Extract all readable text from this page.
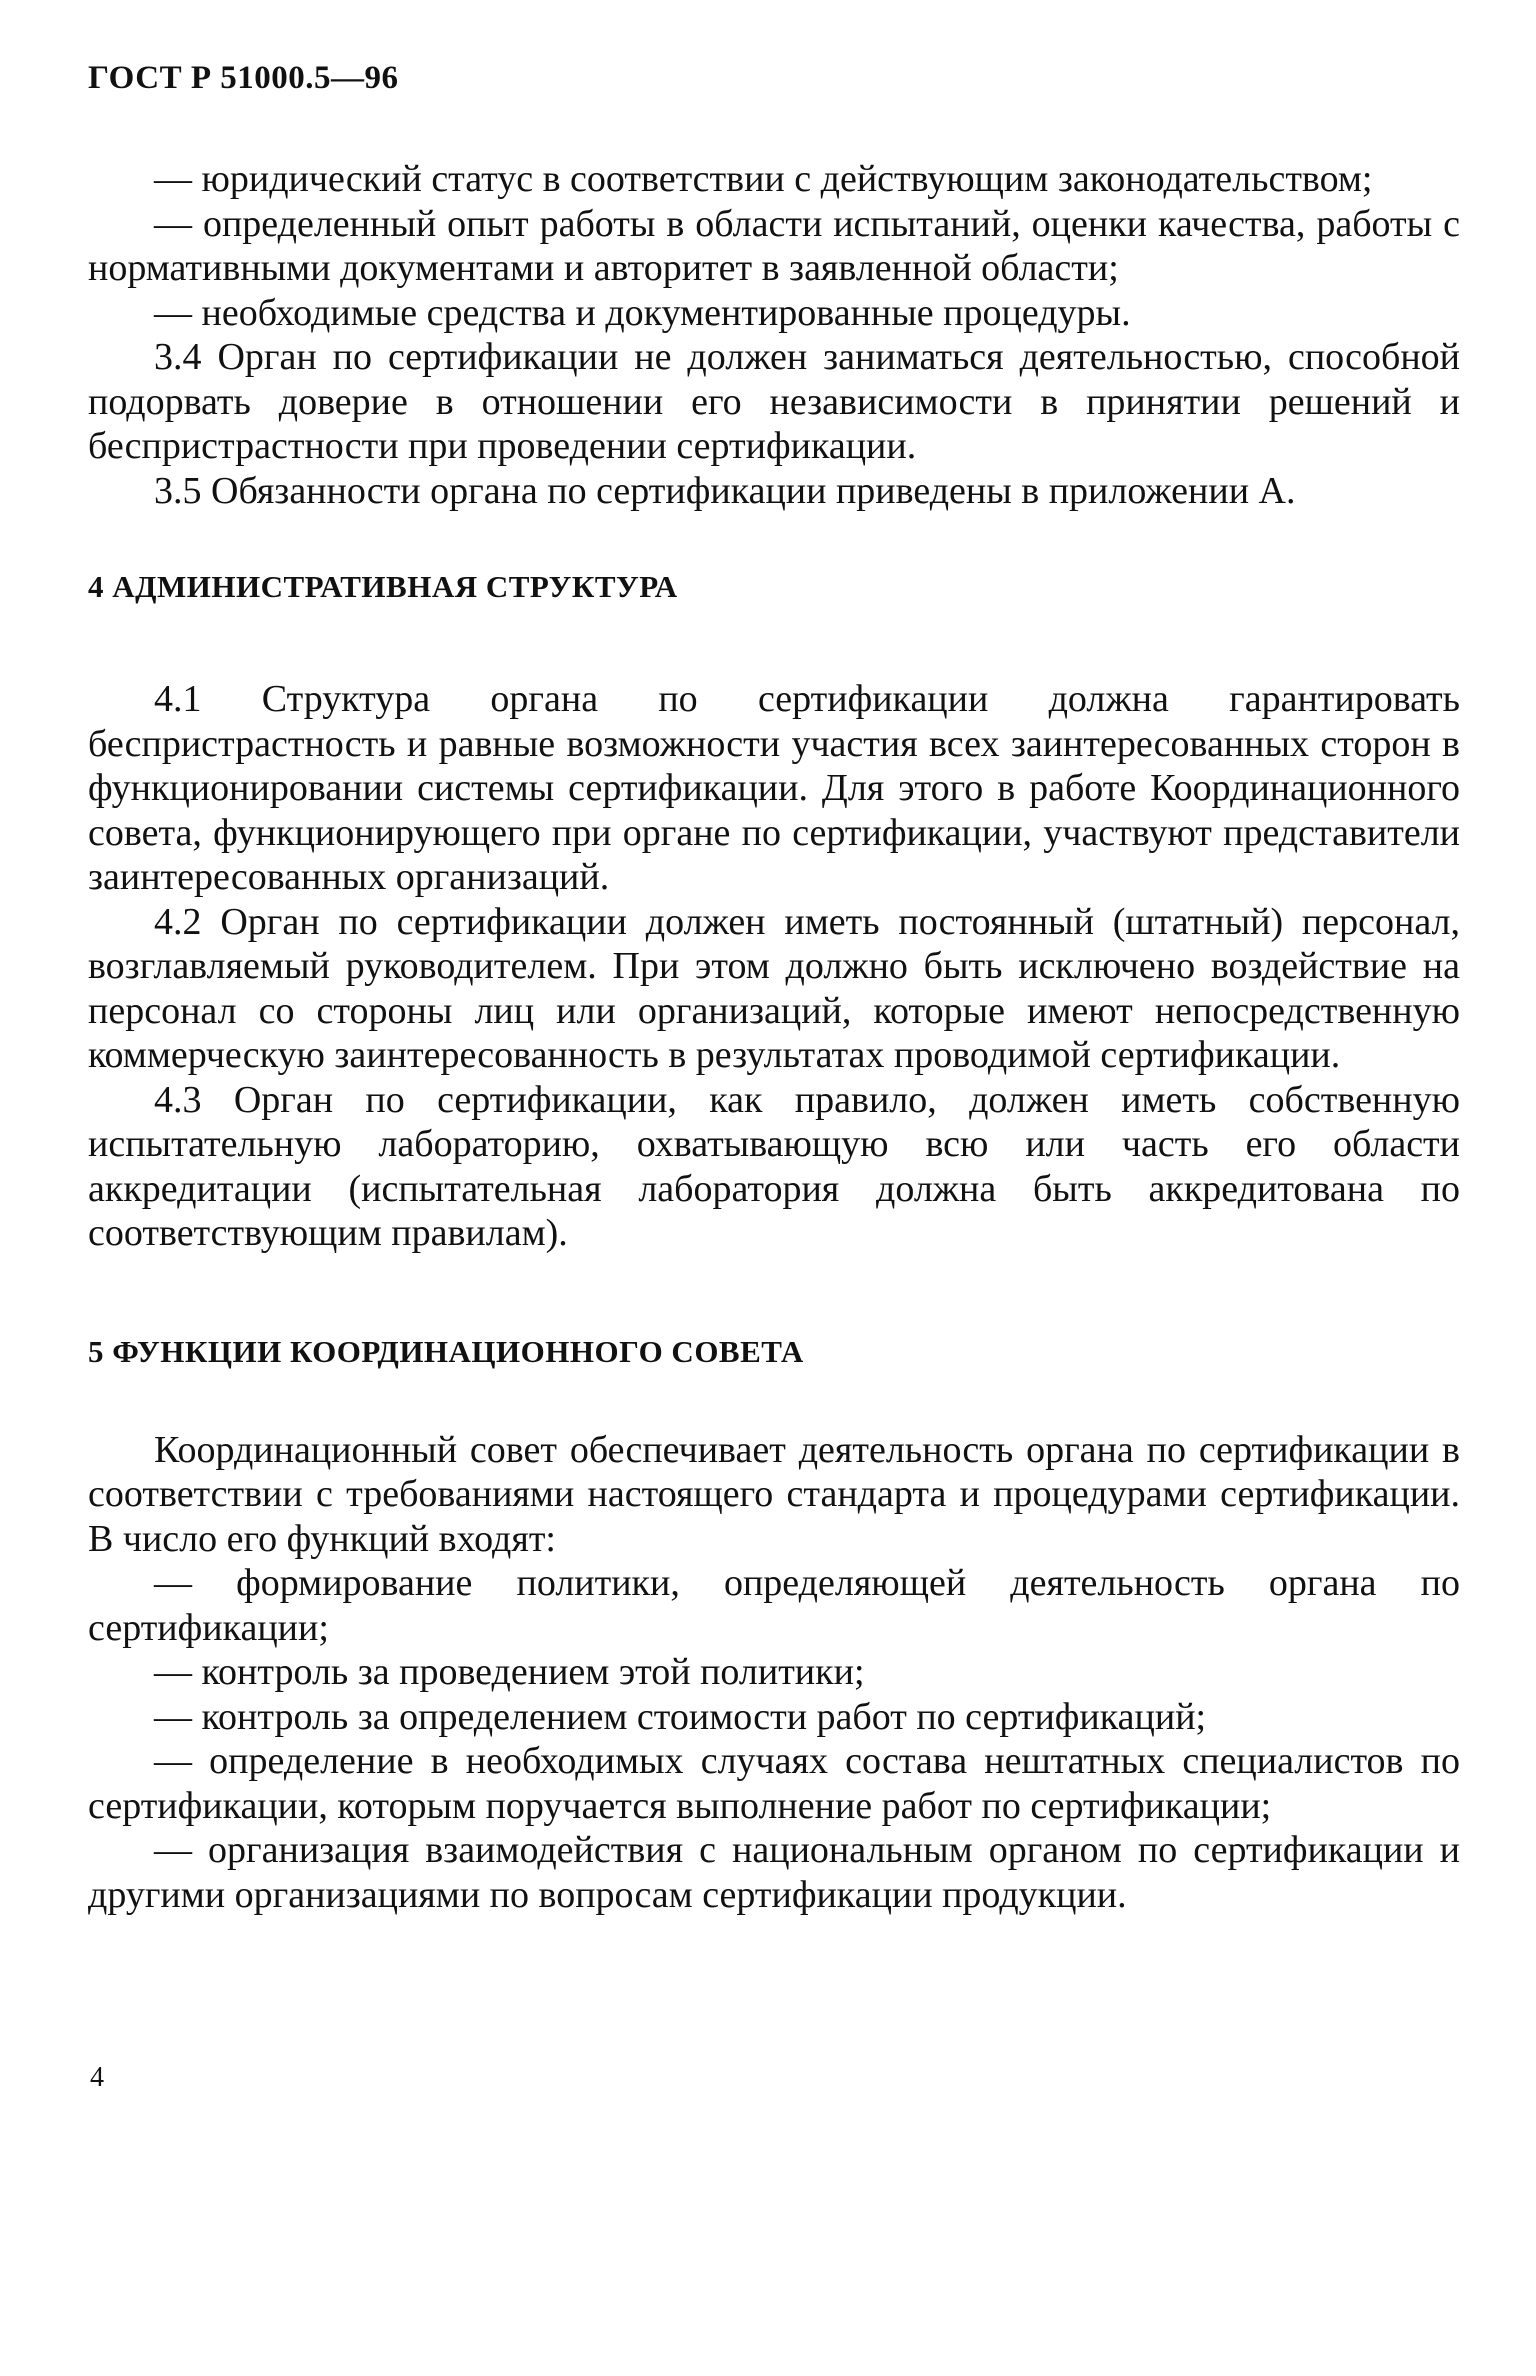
ГОСТ Р 51000.5—96

— юридический статус в соответствии с действующим законодательством;

— определенный опыт работы в области испытаний, оценки качества, работы с нормативными документами и авторитет в заявленной области;

— необходимые средства и документированные процедуры.

3.4 Орган по сертификации не должен заниматься деятельностью, способной подорвать доверие в отношении его независимости в принятии решений и беспристрастности при проведении сертификации.

3.5 Обязанности органа по сертификации приведены в приложении А.

4 АДМИНИСТРАТИВНАЯ СТРУКТУРА

4.1 Структура органа по сертификации должна гарантировать беспристрастность и равные возможности участия всех заинтересованных сторон в функционировании системы сертификации. Для этого в работе Координационного совета, функционирующего при органе по сертификации, участвуют представители заинтересованных организаций.

4.2 Орган по сертификации должен иметь постоянный (штатный) персонал, возглавляемый руководителем. При этом должно быть исключено воздействие на персонал со стороны лиц или организаций, которые имеют непосредственную коммерческую заинтересованность в результатах проводимой сертификации.

4.3 Орган по сертификации, как правило, должен иметь собственную испытательную лабораторию, охватывающую всю или часть его области аккредитации (испытательная лаборатория должна быть аккредитована по соответствующим правилам).

5 ФУНКЦИИ КООРДИНАЦИОННОГО СОВЕТА

Координационный совет обеспечивает деятельность органа по сертификации в соответствии с требованиями настоящего стандарта и процедурами сертификации. В число его функций входят:

— формирование политики, определяющей деятельность органа по сертификации;

— контроль за проведением этой политики;

— контроль за определением стоимости работ по сертификаций;

— определение в необходимых случаях состава нештатных специалистов по сертификации, которым поручается выполнение работ по сертификации;

— организация взаимодействия с национальным органом по сертификации и другими организациями по вопросам сертификации продукции.

4
